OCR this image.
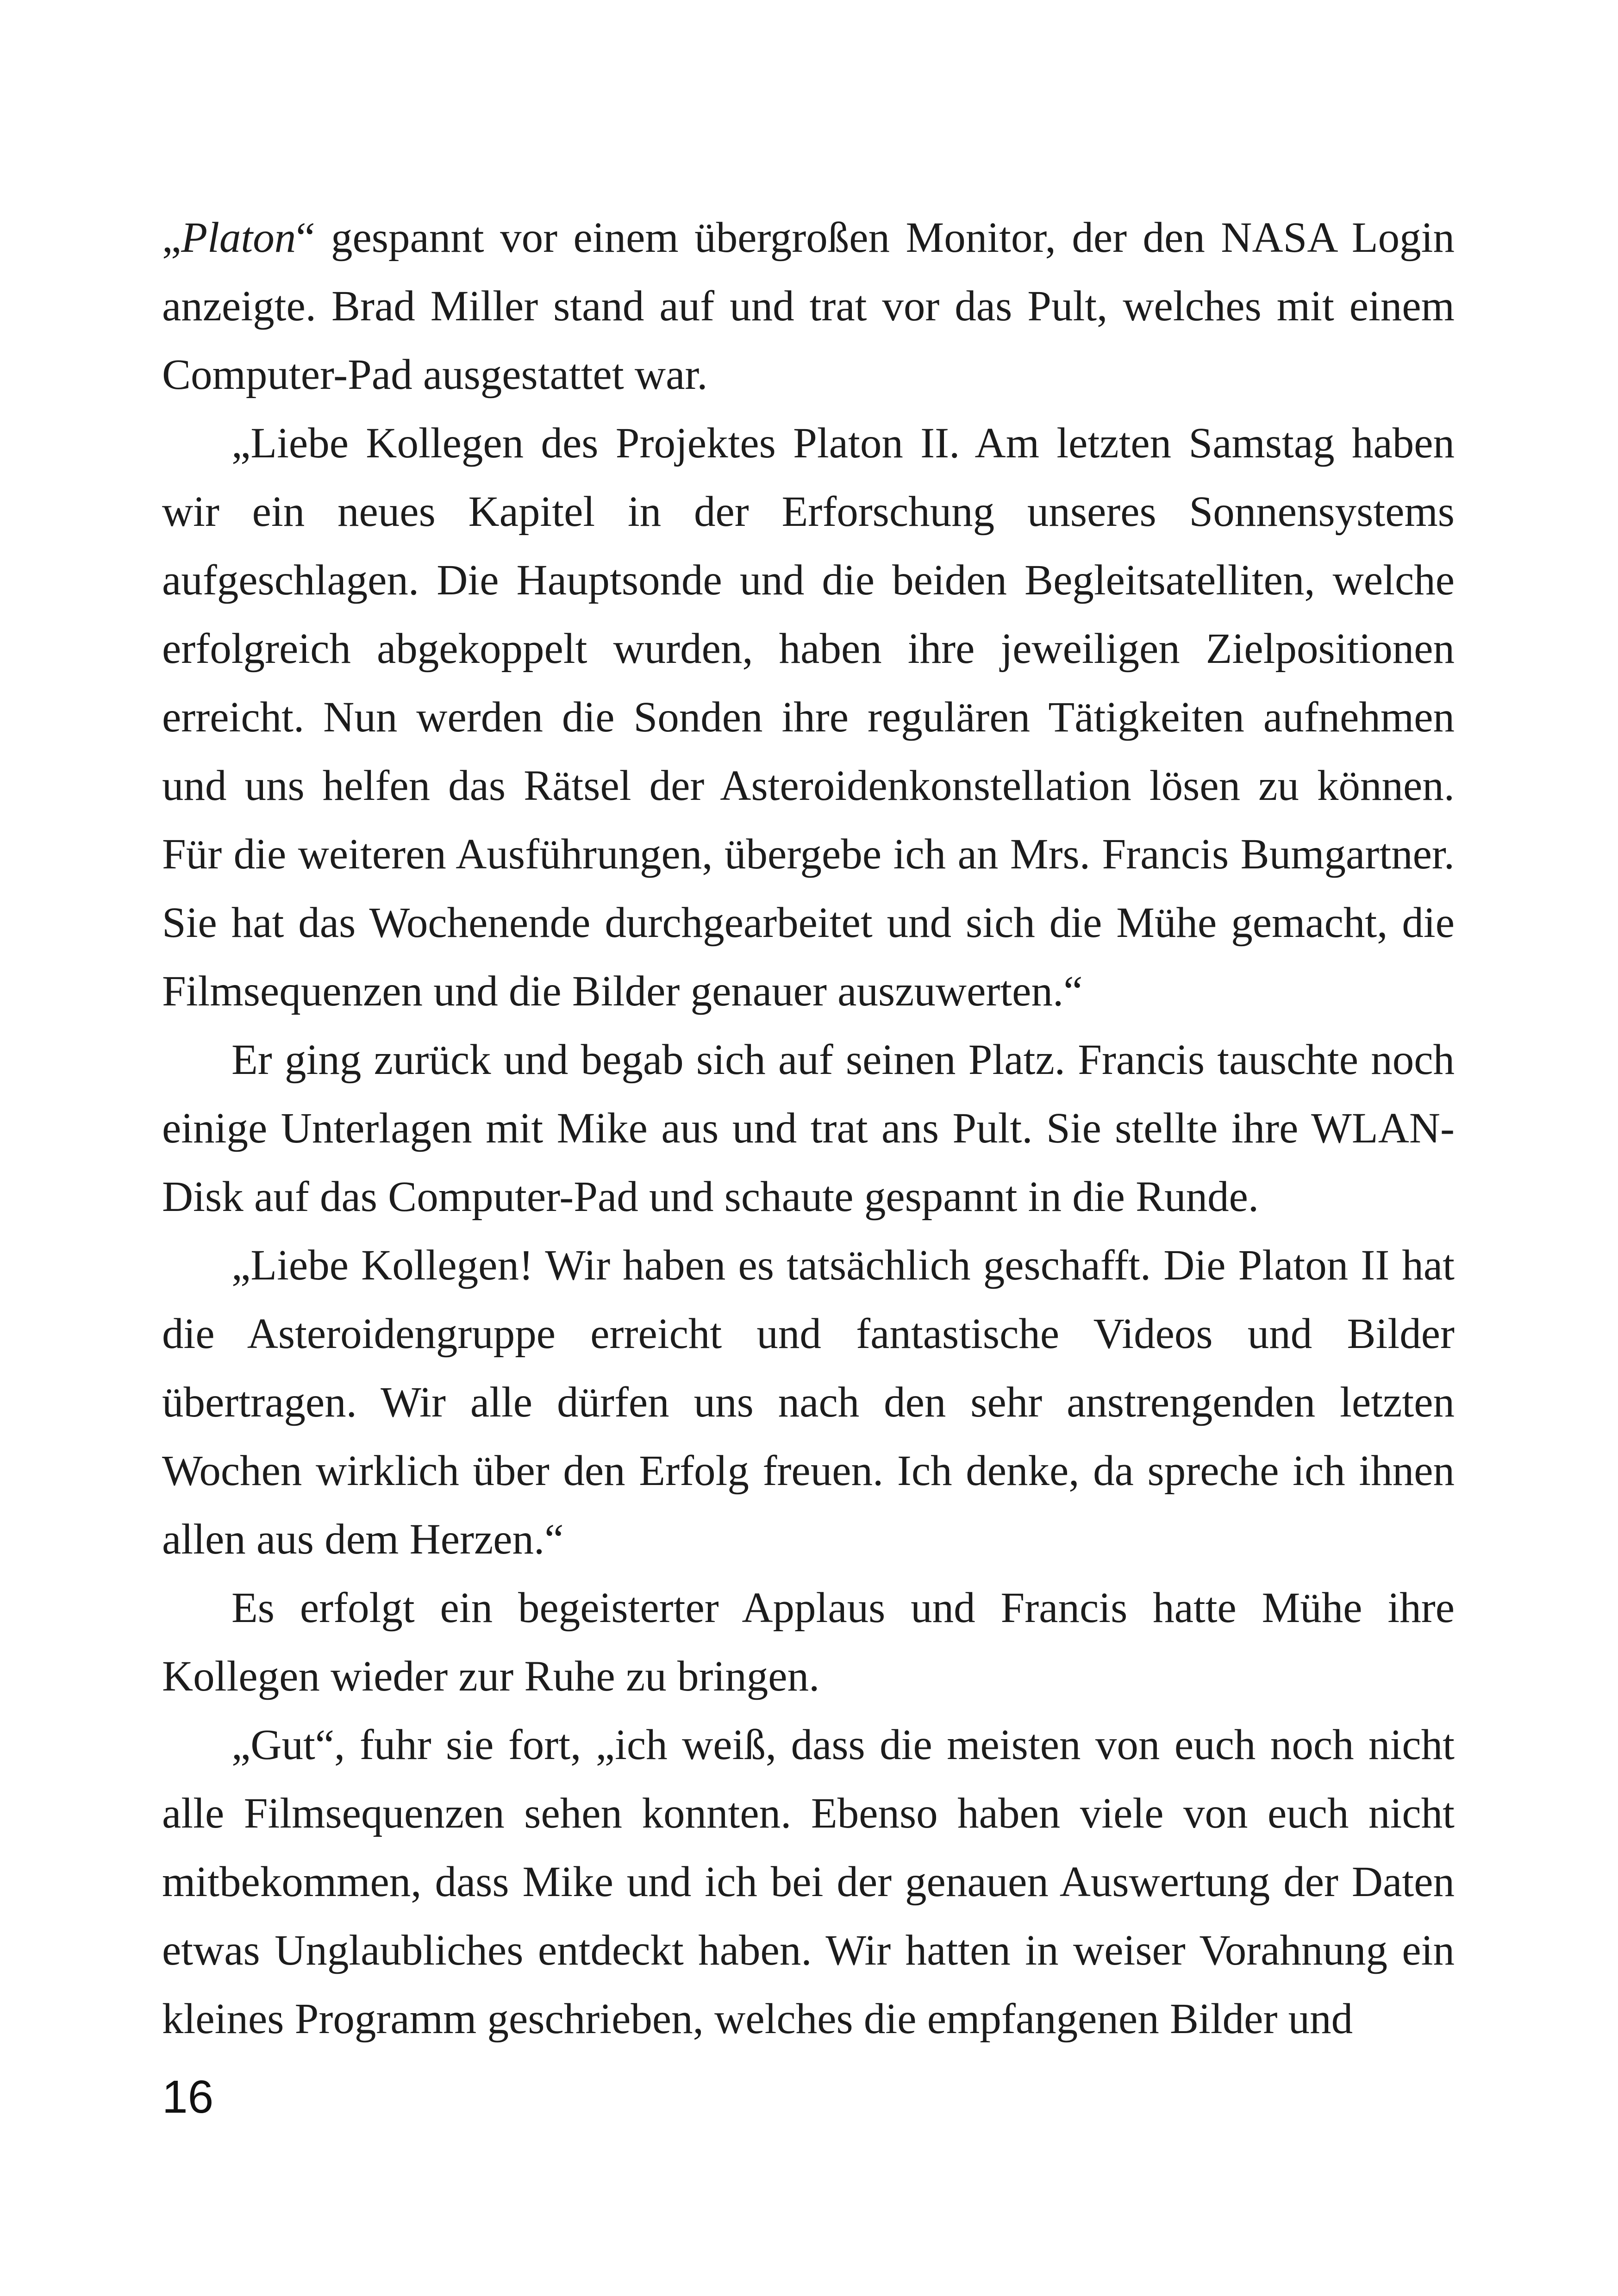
„Platon“ gespannt vor einem übergroßen Monitor, der den NASA Login anzeigte. Brad Miller stand auf und trat vor das Pult, welches mit einem Computer-Pad ausgestattet war.

„Liebe Kollegen des Projektes Platon II. Am letzten Samstag haben wir ein neues Kapitel in der Erforschung unseres Sonnensystems aufgeschlagen. Die Hauptsonde und die beiden Begleitsatelliten, welche erfolgreich abgekoppelt wurden, haben ihre jeweiligen Zielpositionen erreicht. Nun werden die Sonden ihre regulären Tätigkeiten aufnehmen und uns helfen das Rätsel der Asteroidenkonstellation lösen zu können. Für die weiteren Ausführungen, übergebe ich an Mrs. Francis Bumgartner. Sie hat das Wochenende durchgearbeitet und sich die Mühe gemacht, die Filmsequenzen und die Bilder genauer auszuwerten.“

Er ging zurück und begab sich auf seinen Platz. Francis tauschte noch einige Unterlagen mit Mike aus und trat ans Pult. Sie stellte ihre WLAN-Disk auf das Computer-Pad und schaute gespannt in die Runde.

„Liebe Kollegen! Wir haben es tatsächlich geschafft. Die Platon II hat die Asteroidengruppe erreicht und fantastische Videos und Bilder übertragen. Wir alle dürfen uns nach den sehr anstrengenden letzten Wochen wirklich über den Erfolg freuen. Ich denke, da spreche ich ihnen allen aus dem Herzen.“

Es erfolgt ein begeisterter Applaus und Francis hatte Mühe ihre Kollegen wieder zur Ruhe zu bringen.

„Gut“, fuhr sie fort, „ich weiß, dass die meisten von euch noch nicht alle Filmsequenzen sehen konnten. Ebenso haben viele von euch nicht mitbekommen, dass Mike und ich bei der genauen Auswertung der Daten etwas Unglaubliches entdeckt haben. Wir hatten in weiser Vorahnung ein kleines Programm geschrieben, welches die empfangenen Bilder und

16
